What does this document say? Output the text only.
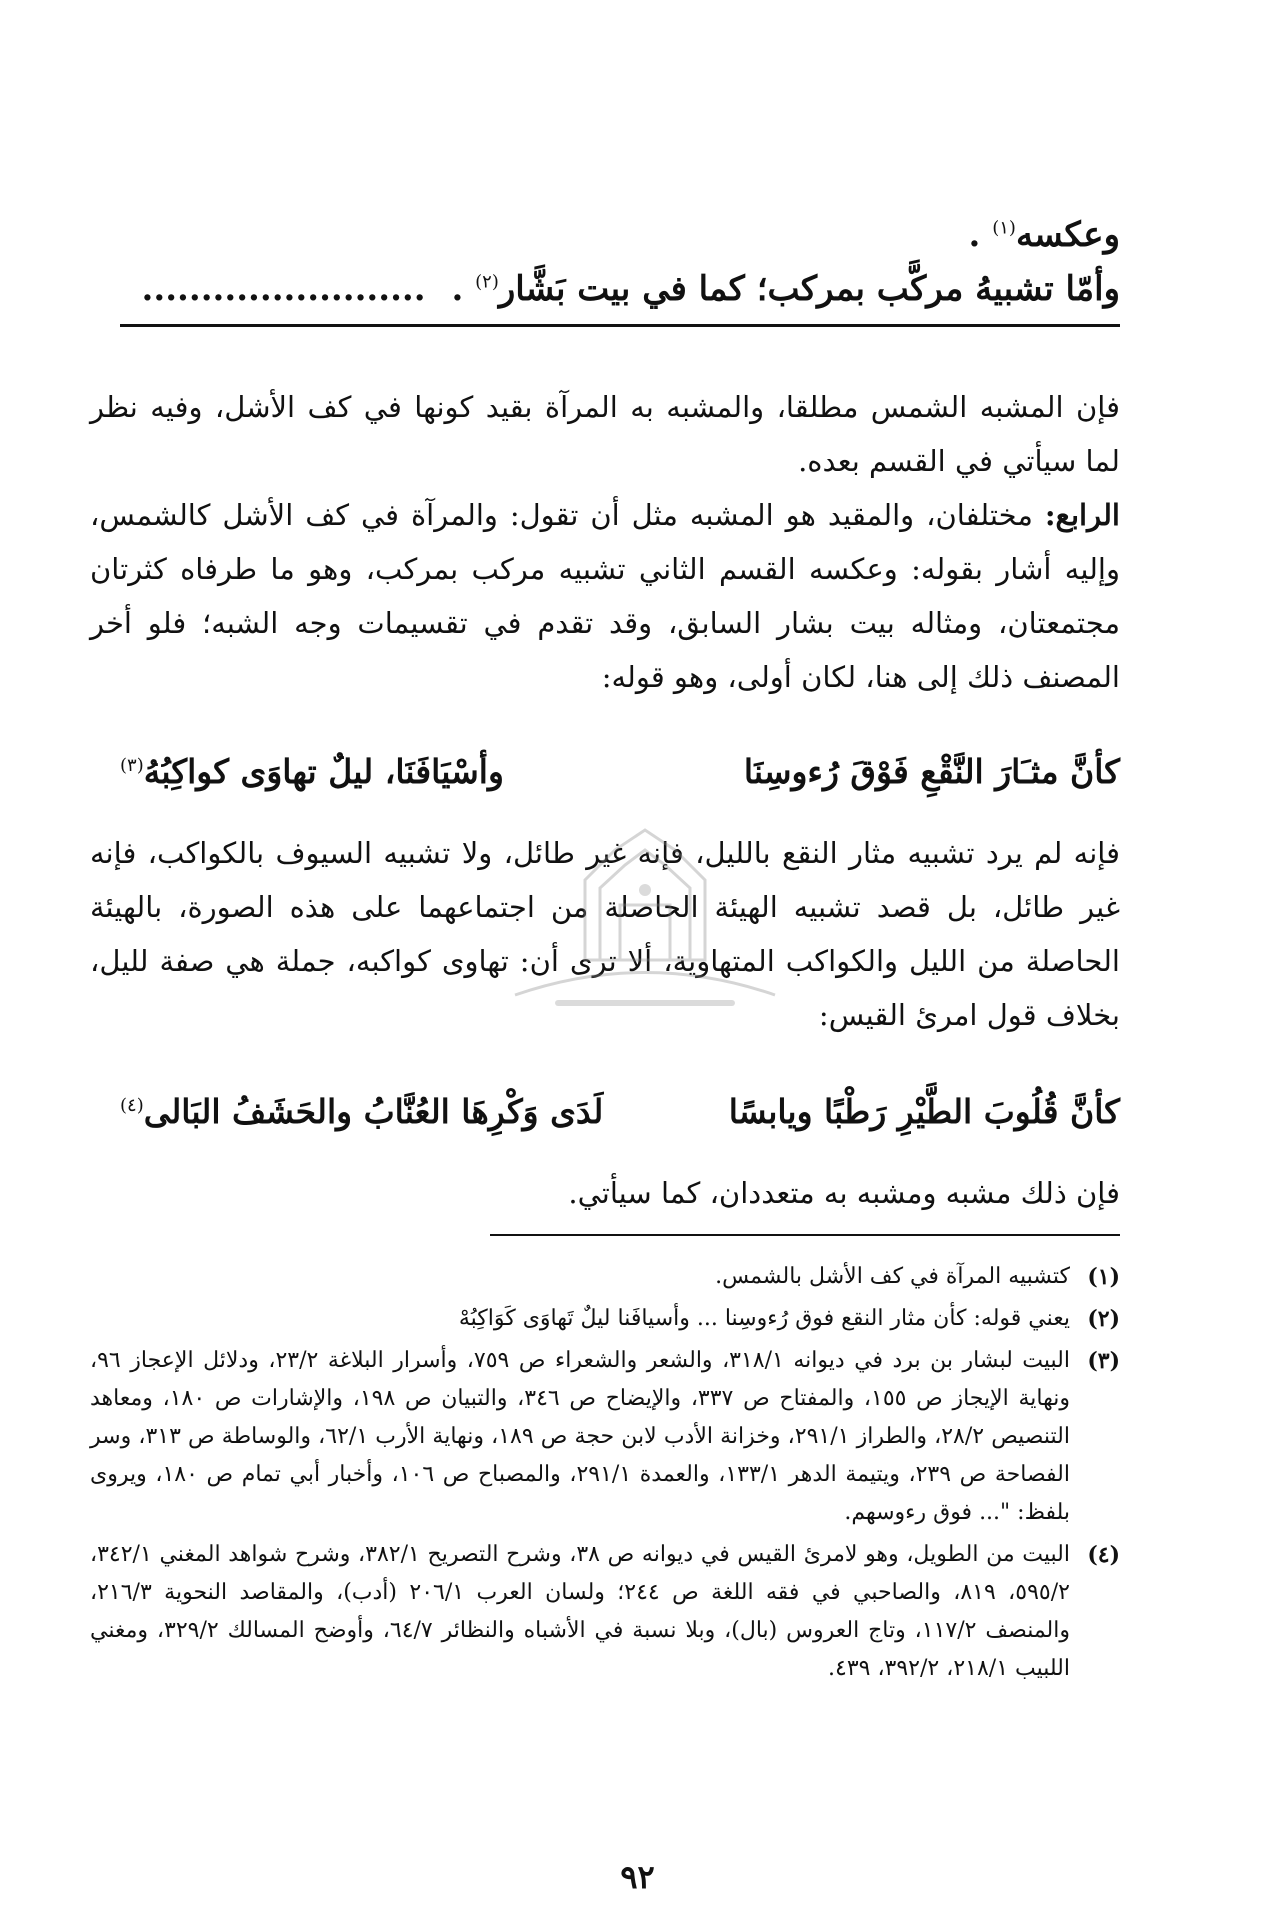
وعكسه$^{(١)}$ .
وأمّا تشبيهُ مركَّب بمركب؛ كما في بيت بَشَّار$^{(٢)}$ . ........................

فإن المشبه الشمس مطلقا، والمشبه به المرآة بقيد كونها في كف الأشل، وفيه نظر لما سيأتي في القسم بعده.

الرابع: مختلفان، والمقيد هو المشبه مثل أن تقول: والمرآة في كف الأشل كالشمس، وإليه أشار بقوله: وعكسه القسم الثاني تشبيه مركب بمركب، وهو ما طرفاه كثرتان مجتمعتان، ومثاله بيت بشار السابق، وقد تقدم في تقسيمات وجه الشبه؛ فلو أخر المصنف ذلك إلى هنا، لكان أولى، وهو قوله:

كأنَّ مثـَارَ النَّقْعِ فَوْقَ رُءوسِنَا
وأسْيَافَنَا، ليلٌ تهاوَى كواكِبُهُ$^{(٣)}$

فإنه لم يرد تشبيه مثار النقع بالليل، فإنه غير طائل، ولا تشبيه السيوف بالكواكب، فإنه غير طائل، بل قصد تشبيه الهيئة الحاصلة من اجتماعهما على هذه الصورة، بالهيئة الحاصلة من الليل والكواكب المتهاوية، ألا ترى أن: تهاوى كواكبه، جملة هي صفة لليل، بخلاف قول امرئ القيس:

كأنَّ قُلُوبَ الطَّيْرِ رَطْبًا ويابسًا
لَدَى وَكْرِهَا العُنَّابُ والحَشَفُ البَالى$^{(٤)}$

فإن ذلك مشبه ومشبه به متعددان، كما سيأتي.

(١)
كتشبيه المرآة في كف الأشل بالشمس.
(٢)
يعني قوله: كأن مثار النقع فوق رُءوسِنا ... وأسيافَنا ليلٌ تَهاوَى كَوَاكِبُهْ
(٣)
البيت لبشار بن برد في ديوانه ٣١٨/١، والشعر والشعراء ص ٧٥٩، وأسرار البلاغة ٢٣/٢، ودلائل الإعجاز ٩٦، ونهاية الإيجاز ص ١٥٥، والمفتاح ص ٣٣٧، والإيضاح ص ٣٤٦، والتبيان ص ١٩٨، والإشارات ص ١٨٠، ومعاهد التنصيص ٢٨/٢، والطراز ٢٩١/١، وخزانة الأدب لابن حجة ص ١٨٩، ونهاية الأرب ٦٢/١، والوساطة ص ٣١٣، وسر الفصاحة ص ٢٣٩، ويتيمة الدهر ١٣٣/١، والعمدة ٢٩١/١، والمصباح ص ١٠٦، وأخبار أبي تمام ص ١٨٠، ويروى بلفظ: "... فوق رءوسهم.
(٤)
البيت من الطويل، وهو لامرئ القيس في ديوانه ص ٣٨، وشرح التصريح ٣٨٢/١، وشرح شواهد المغني ٣٤٢/١، ٥٩٥/٢، ٨١٩، والصاحبي في فقه اللغة ص ٢٤٤؛ ولسان العرب ٢٠٦/١ (أدب)، والمقاصد النحوية ٢١٦/٣، والمنصف ١١٧/٢، وتاج العروس (بال)، وبلا نسبة في الأشباه والنظائر ٦٤/٧، وأوضح المسالك ٣٢٩/٢، ومغني اللبيب ٢١٨/١، ٣٩٢/٢، ٤٣٩.
٩٢
